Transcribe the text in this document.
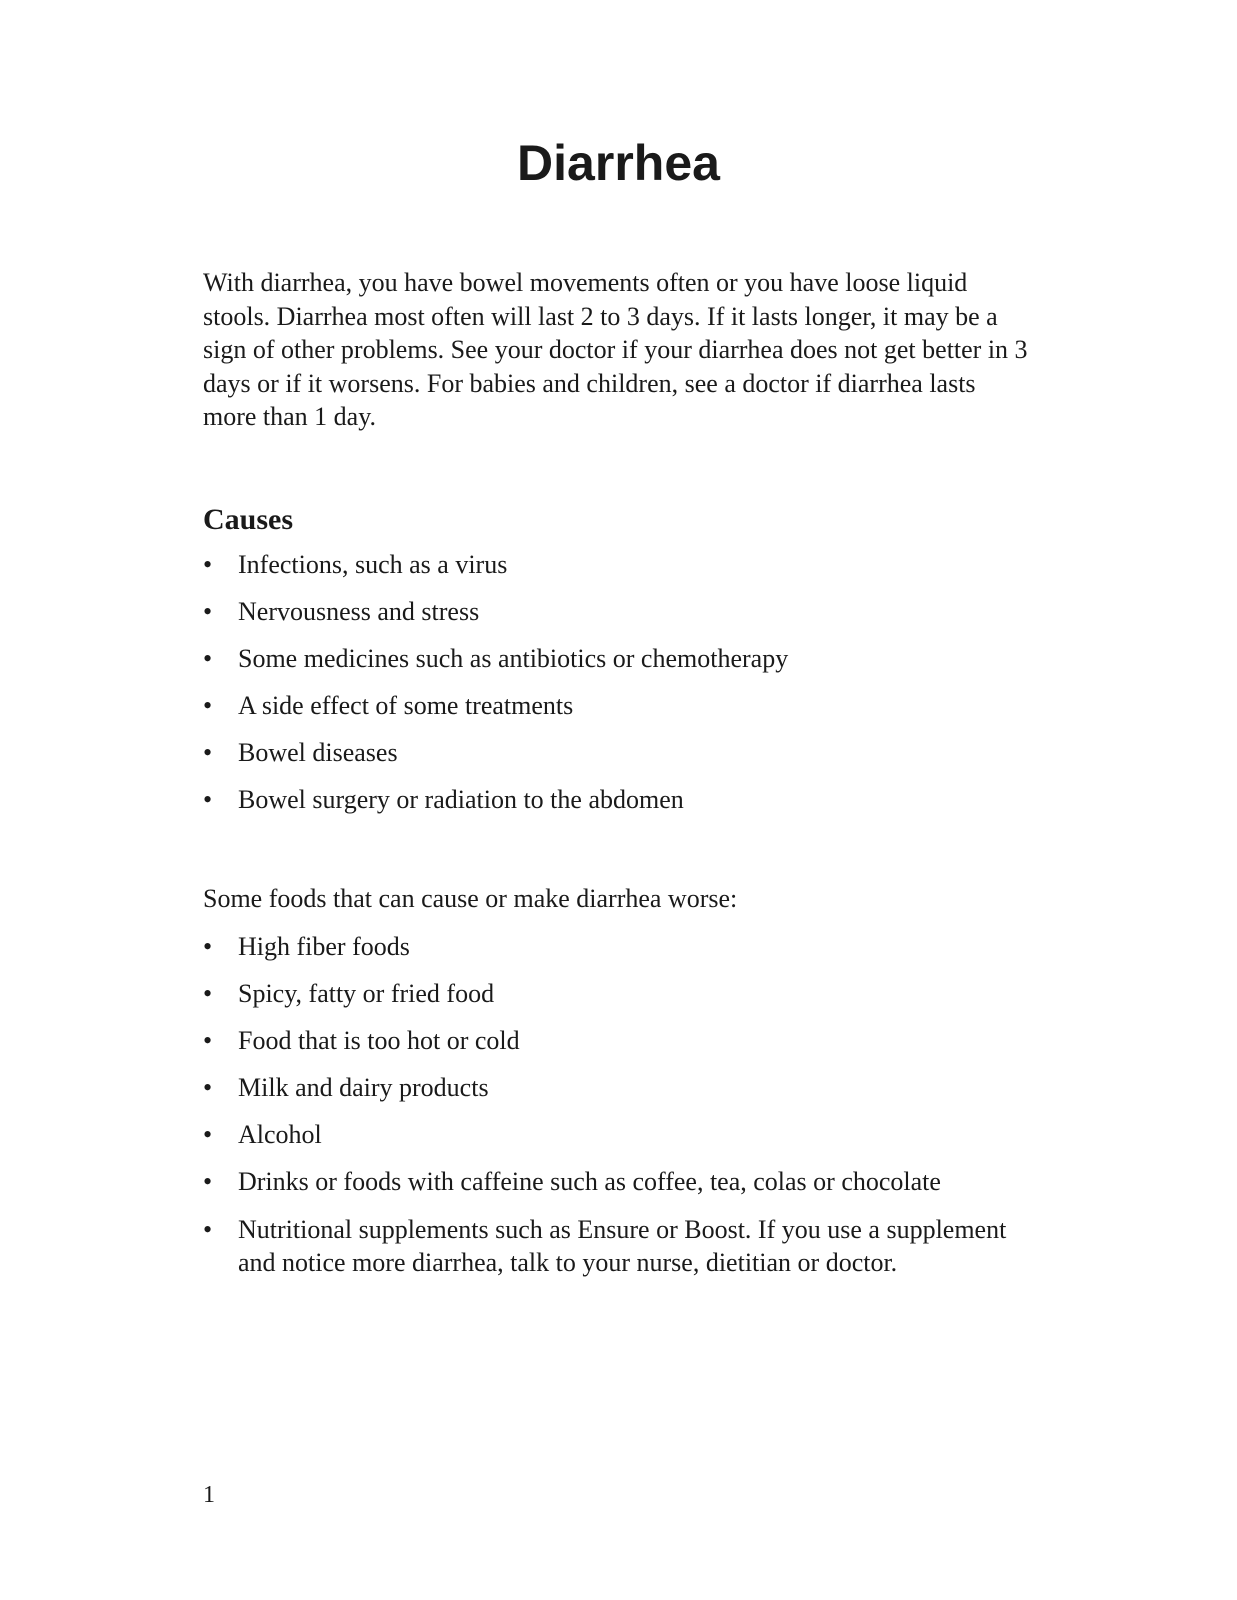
Diarrhea

With diarrhea, you have bowel movements often or you have loose liquid stools. Diarrhea most often will last 2 to 3 days. If it lasts longer, it may be a sign of other problems. See your doctor if your diarrhea does not get better in 3 days or if it worsens. For babies and children, see a doctor if diarrhea lasts more than 1 day.

Causes
• Infections, such as a virus
• Nervousness and stress
• Some medicines such as antibiotics or chemotherapy
• A side effect of some treatments
• Bowel diseases
• Bowel surgery or radiation to the abdomen

Some foods that can cause or make diarrhea worse:

• High fiber foods
• Spicy, fatty or fried food
• Food that is too hot or cold
• Milk and dairy products
• Alcohol
• Drinks or foods with caffeine such as coffee, tea, colas or chocolate
• Nutritional supplements such as Ensure or Boost. If you use a supplement and notice more diarrhea, talk to your nurse, dietitian or doctor.
1
